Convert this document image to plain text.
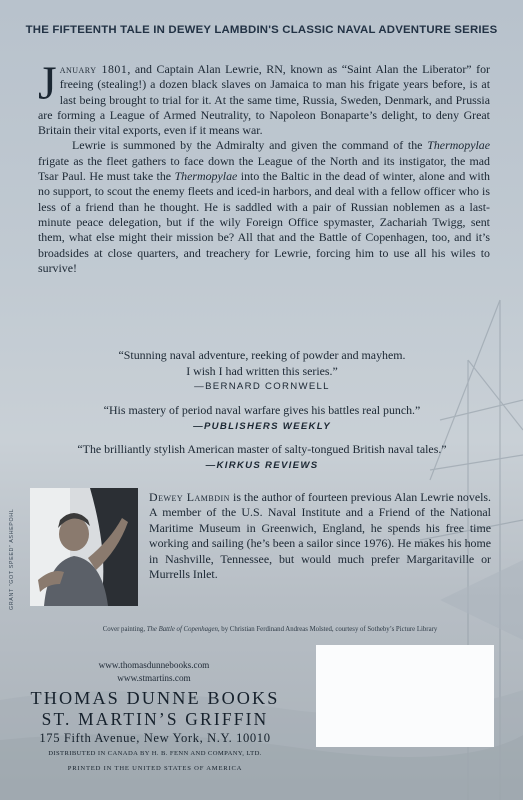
THE FIFTEENTH TALE IN DEWEY LAMBDIN'S CLASSIC NAVAL ADVENTURE SERIES

January 1801, and Captain Alan Lewrie, RN, known as “Saint Alan the Liberator” for freeing (stealing!) a dozen black slaves on Jamaica to man his frigate years before, is at last being brought to trial for it. At the same time, Russia, Sweden, Denmark, and Prussia are forming a League of Armed Neutrality, to Napoleon Bonaparte’s delight, to deny Great Britain their vital exports, even if it means war.

Lewrie is summoned by the Admiralty and given the command of the Thermopylae frigate as the fleet gathers to face down the League of the North and its instigator, the mad Tsar Paul. He must take the Thermopylae into the Baltic in the dead of winter, alone and with no support, to scout the enemy fleets and iced-in harbors, and deal with a fellow officer who is less of a friend than he thought. He is saddled with a pair of Russian noblemen as a last-minute peace delegation, but if the wily Foreign Office spymaster, Zachariah Twigg, sent them, what else might their mission be? All that and the Battle of Copenhagen, too, and it’s broadsides at close quarters, and treachery for Lewrie, forcing him to use all his wiles to survive!

“Stunning naval adventure, reeking of powder and mayhem.
I wish I had written this series.”
—BERNARD CORNWELL
“His mastery of period naval warfare gives his battles real punch.”
—PUBLISHERS WEEKLY
“The brilliantly stylish American master of salty-tongued British naval tales.”
—KIRKUS REVIEWS
GRANT “GOT SPEED” ASHEPOHL
Dewey Lambdin is the author of fourteen previous Alan Lewrie novels. A member of the U.S. Naval Institute and a Friend of the National Maritime Museum in Greenwich, England, he spends his free time working and sailing (he’s been a sailor since 1976). He makes his home in Nashville, Tennessee, but would much prefer Margaritaville or Murrells Inlet.
Cover painting, The Battle of Copenhagen, by Christian Ferdinand Andreas Molsted, courtesy of Sotheby’s Picture Library
www.thomasdunnebooks.com
www.stmartins.com
THOMAS DUNNE BOOKS
ST. MARTIN’S GRIFFIN
175 Fifth Avenue, New York, N.Y. 10010
DISTRIBUTED IN CANADA BY H. B. FENN AND COMPANY, LTD.
PRINTED IN THE UNITED STATES OF AMERICA
